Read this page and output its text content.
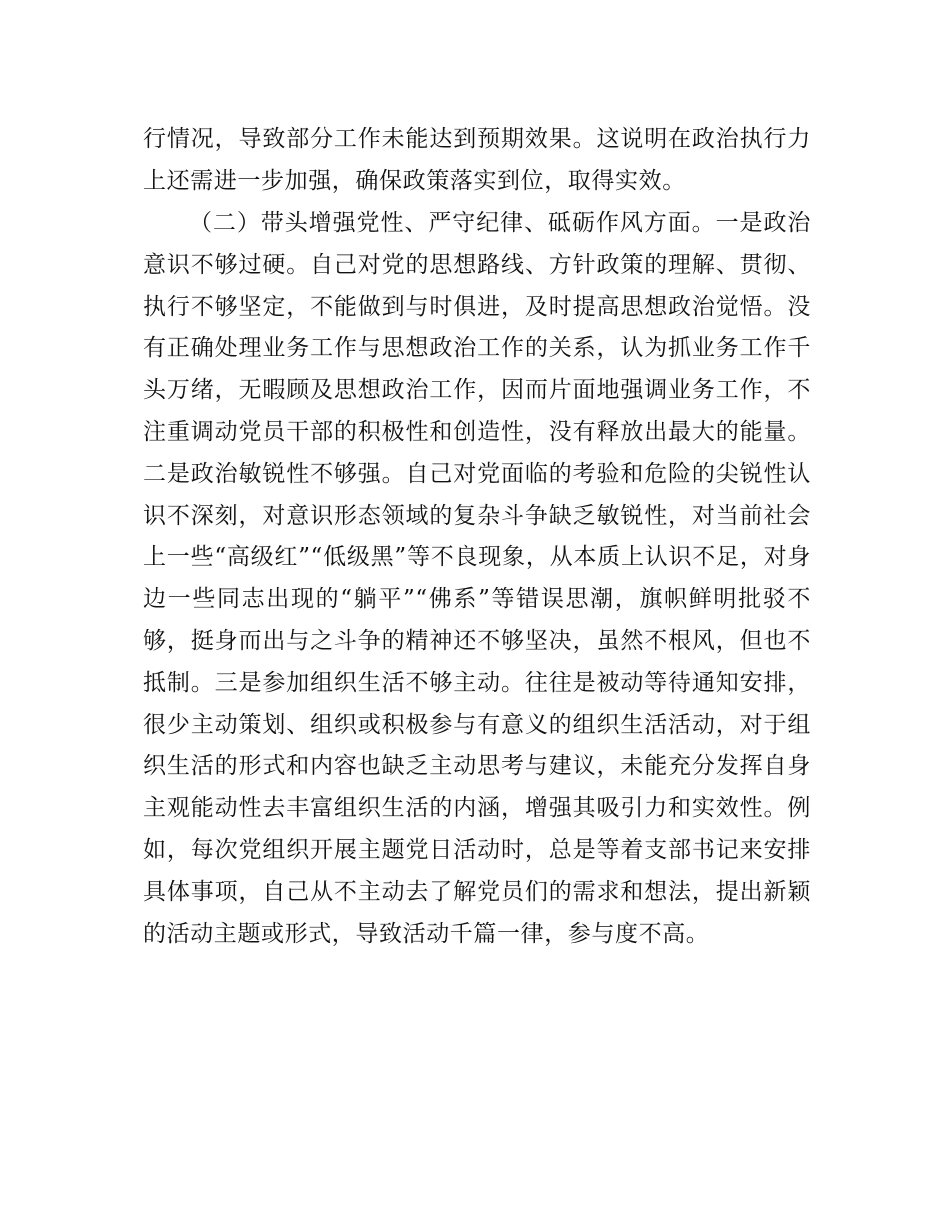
行情况，导致部分工作未能达到预期效果。这说明在政治执行力上还需进一步加强，确保政策落实到位，取得实效。

（二）带头增强党性、严守纪律、砥砺作风方面。一是政治意识不够过硬。自己对党的思想路线、方针政策的理解、贯彻、执行不够坚定，不能做到与时俱进，及时提高思想政治觉悟。没有正确处理业务工作与思想政治工作的关系，认为抓业务工作千头万绪，无暇顾及思想政治工作，因而片面地强调业务工作，不注重调动党员干部的积极性和创造性，没有释放出最大的能量。二是政治敏锐性不够强。自己对党面临的考验和危险的尖锐性认识不深刻，对意识形态领域的复杂斗争缺乏敏锐性，对当前社会上一些“高级红”“低级黑”等不良现象，从本质上认识不足，对身边一些同志出现的“躺平”“佛系”等错误思潮，旗帜鲜明批驳不够，挺身而出与之斗争的精神还不够坚决，虽然不根风，但也不抵制。三是参加组织生活不够主动。往往是被动等待通知安排，很少主动策划、组织或积极参与有意义的组织生活活动，对于组织生活的形式和内容也缺乏主动思考与建议，未能充分发挥自身主观能动性去丰富组织生活的内涵，增强其吸引力和实效性。例如，每次党组织开展主题党日活动时，总是等着支部书记来安排具体事项，自己从不主动去了解党员们的需求和想法，提出新颖的活动主题或形式，导致活动千篇一律，参与度不高。
